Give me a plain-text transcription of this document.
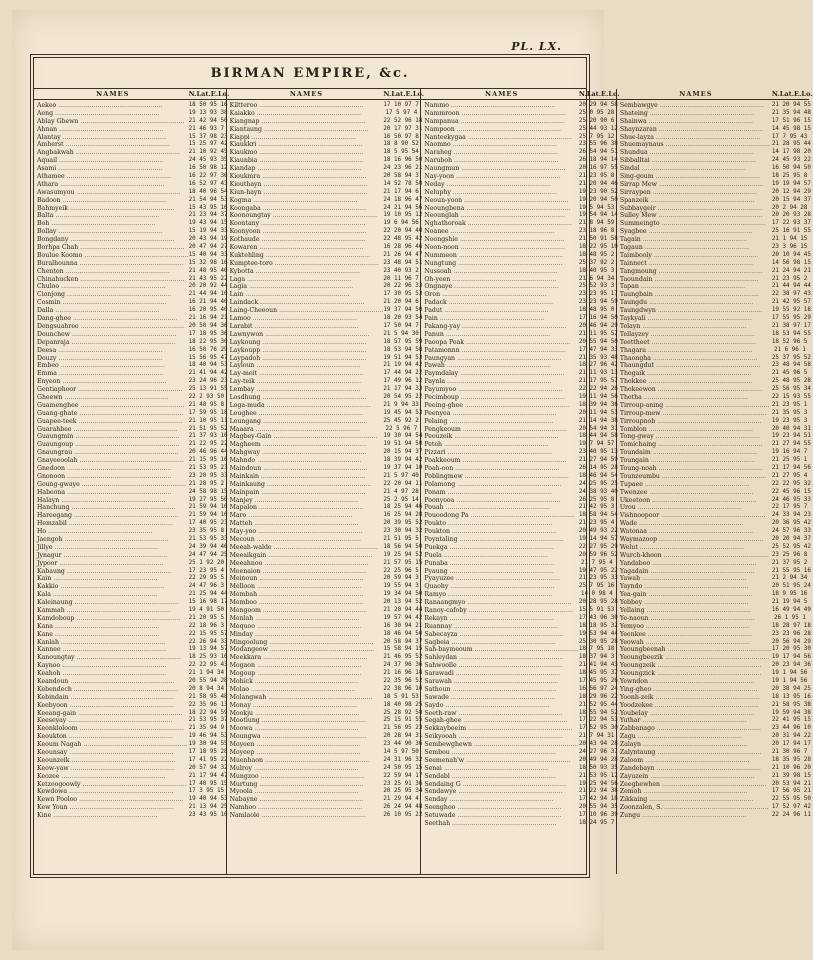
PL. LX.
BIRMAN EMPIRE, &c.
NAMES	N.Lat.E.Lo.
Aekeo .....	18 50 95 16
Aeng .....	19 13 93 38
Ablay Gbewn .....	21 42 94 50
Ahnan .....	21 46 93 7
Alantay .....	15 37 98 23
Amherst .....	15 25 97 42
Angbakwah .....	21 10 92 45
Aquail .....	24 45 93 35
Asami .....	16 50 98 12
Athamee .....	16 22 97 36
Athara .....	16 52 97 43
Awasumyou .....	18 40 96 54
Badoon .....	21 54 94 53
Bahmyeik .....	15 43 95 16
Balta .....	21 23 94 37
Boh .....	19 43 94 15
Bollay .....	15 19 94 33
Bongdany .....	20 43 94 19
Borhpa Chah .....	20 47 94 27
Boulue Koomo .....	15 40 94 33
Buralhounna .....	15 32 98 16
Chenton .....	21 48 95 40
Chinahucken .....	21 43 95 22
Chuloo .....	20 20 92 44
Cionjong .....	21 44 94 10
Cosmin .....	16 21 94 40
Dalla .....	16 20 95 40
Dang-ghee .....	21 16 94 21
Dengsuahree .....	20 50 94 36
Dounchew .....	17 18 95 36
Depanraja .....	18 22 95 30
Deesa .....	16 50 76 29
Douzy .....	15 56 95 47
Embeo .....	18 40 94 53
Emma .....	21 41 94 42
Enyeon .....	23 24 96 23
Gentiaphoor .....	25 13 91 55
Gheewn .....	22 2 93 50
Guamenghee .....	21 48 95 8
Guang-ghate .....	17 59 95 18
Guapee-teek .....	21 10 95 11
Guarahbee .....	21 51 95 52
Guaungmin .....	21 37 93 10
Guaungoup .....	21 22 95 22
Gnaungrau .....	20 46 96 44
Gnayeeoolah .....	21 15 95 16
Gnedoon .....	21 53 95 23
Gnonoon .....	23 20 95 33
Goung-gwaye .....	21 28 95 2
Habeona .....	24 58 98 15
Halayn .....	19 27 95 50
Hanchung .....	21 59 94 10
Hareegang .....	21 59 94 10
Hemzabil .....	17 40 95 23
Ho .....	23 35 95 8
Jaengoh .....	21 53 95 33
Jillye .....	24 39 94 46
Jynagur .....	24 47 94 25
Jypoor .....	25 1 92 20
Kabaung .....	17 23 95 4
Kain .....	22 29 95 5
Kakkio .....	24 47 96 3
Kala .....	21 25 94 44
Kaleinaung .....	15 16 98 17
Kammah .....	19 4 91 50
Kamdoboup .....	21 20 95 5
Kana .....	22 18 96 3
Kane .....	22 15 95 57
Kanlah .....	22 26 94 33
Kannee .....	19 13 94 57
Kanoungtay .....	18 25 93 16
Kaynoo .....	22 22 95 43
Keahoh .....	21 1 94 34
Keandoun .....	20 55 94 28
Kebendech .....	20 8 94 34
Kebindain .....	21 58 95 48
Keebyoon .....	22 35 96 13
Keeang-gain .....	18 22 94 59
Keeseyay .....	21 53 95 37
Keonkloloom .....	21 35 94 9
Keoukton .....	19 46 94 53
Keoum Nagah .....	19 30 94 55
Keounsay .....	17 18 95 28
Keounzeik .....	17 41 95 22
Keow-yaw .....	20 57 94 32
Keozee .....	21 17 94 47
Ketzoogoowly .....	17 40 95 15
Kewdowa .....	17 3 95 15
Kewn Pooloo .....	19 40 94 53
Kew Youn .....	21 13 94 25
Kine .....	23 43 95 10
NAMES	N.Lat.E.Lo.
Kiltteroo .....	17 10 97 7
Kaiakko .....	17 5 97 4
Kiangnap .....	22 52 96 18
Kiantaung .....	20 17 97 31
Kiappi .....	16 50 97 8
Kiaukkri .....	18 8 90 52
Kiaukmo .....	18 5 95 54
Kiaunbia .....	18 16 96 50
Kiandap .....	24 23 96 21
Kioukmra .....	20 58 94 3
Kiouthayn .....	14 52 78 50
Kiun-hayn .....	21 17 94 6
Kogma .....	24 18 96 47
Koongaba .....	24 21 94 56
Koonoungtay .....	19 10 95 12
Koontany .....	19 6 94 56
Koonyoon .....	22 20 94 40
Kothaude .....	22 48 95 42
Kowaren .....	16 28 96 46
Kuktehling .....	21 26 94 47
Kumptee-toro .....	23 48 94 51
Kybotta .....	23 40 93 2
Laga .....	20 11 96 7
Lagia .....	20 22 96 33
Lain .....	17 30 95 53
Laindack .....	21 20 94 6
Laing-Cheeoun .....	19 37 94 50
Lamoo .....	18 20 93 54
Larabit .....	17 50 94 7
Lawnywon .....	21 5 94 30
Laykoung .....	18 57 95 59
Laykoupp .....	18 53 94 58
Laypadoh .....	19 51 94 53
Layloun .....	21 19 94 42
Lay-meit .....	17 44 94 22
Lay-teik .....	17 49 96 12
Lembay .....	21 17 94 33
Losdhung .....	20 54 95 22
Loga-muda .....	21 9 94 33
Loughee .....	19 45 94 53
Loungang .....	25 45 92 2
Maaara .....	22 5 96 7
Magbey-Gain .....	19 30 94 54
Magheem .....	19 51 94 50
Mahgway .....	20 15 94 37
Mahndo .....	18 39 94 42
Maindoun .....	19 37 94 10
Mainkain .....	21 5 97 40
Mainkaung .....	22 20 94 11
Mainpain .....	21 4 97 28
Manjey .....	25 2 95 14
Mapalon .....	18 25 94 46
Maro .....	16 25 94 28
Matteh .....	20 39 95 52
May-yoo .....	23 30 94 32
Mecoun .....	21 51 95 5
Meeah-walde .....	18 56 94 50
Meeaikgain .....	19 25 94 52
Meeahnoo .....	21 57 95 15
Meenaion .....	22 25 96 5
Meinoun .....	20 59 94 3
Melloon .....	19 55 94 3
Membah .....	19 34 94 50
Memboo .....	20 13 94 52
Mengoom .....	21 20 94 44
Menlah .....	19 57 94 42
Mequoo .....	16 30 94 21
Minday .....	18 46 94 50
Mingoolung .....	20 58 94 37
Modangeow .....	15 58 94 15
Meekkara .....	21 46 95 52
Mogaon .....	24 37 96 36
Mogoup .....	21 16 96 18
Mohick .....	22 35 96 52
Molao .....	22 38 96 10
Molangwah .....	18 5 91 53
Monay .....	18 40 98 25
Mookju .....	25 28 92 58
Mootiung .....	25 15 91 55
Moowa .....	21 56 95 23
Moungwa .....	20 28 94 31
Moyeen .....	23 44 90 36
Moyeep .....	14 5 97 50
Muenhaon .....	24 31 96 32
Mulroy .....	24 50 95 15
Mungzoo .....	22 59 94 17
Murtung .....	23 25 91 36
Myoola .....	20 25 95 34
Nabayne .....	21 29 94 4
Namhoo .....	26 24 94 48
Namlaole .....	26 10 95 22
NAMES	N.Lat.E.Lo.
Nammo .....	20 29 94 58
Nammroon .....	25 0 95 28
Nampanua .....	25 20 90 6
Nampoon .....	25 44 93 12
Nanteekygaa .....	25 7 95 12
Naomno .....	23 55 96 38
Naraheg .....	26 54 94 51
Naruboh .....	26 18 94 14
Naungmun .....	20 16 97 55
Nay-yoon .....	21 23 95 8
Neday .....	21 20 94 46
Neluphy .....	19 23 90 52
Neoun-yoon .....	19 20 94 50
Neoungbena .....	19 5 94 53
Neounglah .....	19 54 94 14
Nghathoroak .....	21 8 94 59
Noanee .....	23 18 96 8
Noongshie .....	21 50 91 58
Noon-noon .....	18 22 95 10
Nummeon .....	18 48 95 2
Nungtung .....	25 37 92 2
Nussoah .....	18 40 95 3
Oh-yeen .....	21 6 94 34
Ongnaye .....	25 52 93 3
Oron .....	23 23 95 17
Padack .....	23 23 94 59
Padut .....	18 48 95 0
Pain .....	17 16 94 50
Pakang-yay .....	20 46 94 29
Panun .....	21 11 95 57
Paoopa Peak .....	20 55 94 50
Patamonnn .....	17 47 94 33
Paungyan .....	21 35 93 48
Pawah .....	18 27 96 42
Paymdalay .....	21 11 93 13
Paynla .....	21 17 95 57
Payumyoo .....	22 22 94 26
Pecimboup .....	19 11 94 56
Peeing-ghee .....	18 39 94 36
Peenyea .....	20 11 94 53
Pelaing .....	21 14 94 38
Pengkeoum .....	20 54 94 31
Peouzeik .....	18 44 94 58
Peteh .....	19 7 94 57
Pizzari .....	23 40 95 13
Poakkeoum .....	21 27 94 59
Poah-oon .....	26 14 95 28
Poblingmew .....	18 46 94 54
Polamong .....	24 25 95 25
Ponam .....	24 38 93 40
Poonyooa .....	26 25 95 8
Pouah .....	21 42 95 3
Pouoodong Pa .....	18 58 94 54
Poukto .....	21 23 95 4
Poukton .....	20 49 93 22
Poyntaling .....	19 14 94 57
Puekga .....	22 27 95 29
Puela .....	20 59 96 52
Punaba .....	21 7 95 4
Pyaung .....	19 47 95 22
Pyayuzee .....	21 23 95 33
Quaohy .....	25 7 95 16
Ramyo .....	14 0 98 4
Ranaangmyo .....	20 28 95 28
Ranoy-cafoby .....	15 5 91 53
Rekayn .....	17 43 96 30
Ruannay .....	18 18 95 32
Sabecayza .....	19 53 94 44
Sagbeia .....	25 30 95 28
Sah-baymeoum .....	18 7 95 18
Sahleydan .....	18 37 94 3
Sahwoolle .....	21 41 94 43
Sarawadi .....	18 45 95 37
Sarawah .....	17 45 95 26
Sathoun .....	16 56 97 24
Sawade .....	18 29 96 22
Saydo .....	21 52 95 44
Seeth-raw .....	18 55 94 52
Segah-ghee .....	17 22 94 53
Sekkaybeeim .....	17 52 95 30
Seikyooah .....	21 7 94 31
Sembewghewn .....	20 43 94 28
Sembou .....	24 27 96 37
Seemenah'w .....	20 49 94 28
Senai .....	18 50 93 35
Sendabl .....	21 53 95 12
Sendaing G .....	19 25 94 56
Sendawye .....	21 22 94 38
Senday .....	17 42 94 18
Seenghoo .....	20 55 94 35
Setuwade .....	17 10 96 39
Seethah .....	18 24 95 7
NAMES	N.Lat.E.Lo.
Sembawgye .....	21 20 94 55
Shateing .....	21 35 94 48
Shainwa .....	17 51 96 15
Shaynzaran .....	14 45 98 15
Shue-layza .....	17 7 95 43
Shuemaynaus .....	21 28 95 44
Shundua .....	14 17 98 20
Sibballtai .....	24 45 93 22
Sindal .....	16 50 94 50
Sing-goum .....	18 25 95 8
Sirrap Mew .....	19 19 94 57
Sirraypen .....	20 12 94 29
Spanzeik .....	20 15 94 37
Subbaygeir .....	20 2 94 28
Sulley Mew .....	20 20 93 28
Summeingto .....	17 22 93 37
Syagbee .....	25 16 91 55
Tagain .....	21 1 94 15
Tagaun .....	23 3 96 15
Taimbooly .....	20 10 94 45
Tainnect .....	14 56 98 15
Tangmoung .....	21 24 94 21
Taoundain .....	21 23 95 2
Tapan .....	21 44 94 44
Taungbain .....	22 38 97 43
Taungdu .....	21 42 95 57
Taungdwyn .....	19 55 92 18
Taykyali .....	17 55 95 29
Telayn .....	21 38 97 17
Tellayzey .....	18 53 94 55
Teettheet .....	18 52 96 5
Thagara .....	21 6 96 1
Thaongha .....	25 37 95 52
Thaungdut .....	23 48 94 58
Thegaik .....	21 45 96 5
Thekkee .....	25 48 95 28
Thekeewon .....	25 56 95 34
Thetha .....	22 15 93 55
Tirroup-aning .....	21 23 95 1
Tirroup-mew .....	21 35 95 3
Tirroupnoh .....	19 23 95 3
Tomblon .....	20 40 94 31
Tong-gway .....	19 23 94 51
Tomichaing .....	21 27 94 55
Toundaim .....	19 16 94 7
Toungain .....	21 25 95 1
Toung-noah .....	21 17 94 56
Tounzeumbu .....	21 27 95 4
Tupaee .....	22 22 95 32
Twenzee .....	22 45 96 15
Ukeetoon .....	24 46 95 33
Urou .....	22 17 95 7
Vishnoopoor .....	24 33 94 23
Wade .....	20 36 95 42
Watonaa .....	24 57 96 33
Waymazoop .....	20 20 94 37
Welut .....	25 52 95 42
Wurch-khoon .....	23 25 96 8
Yandaboo .....	21 37 95 2
Yagadain .....	21 55 95 16
Yawah .....	21 2 94 34
Yayndo .....	20 51 95 24
Yea-gain .....	18 9 95 16
Yebbey .....	21 19 94 5
Yellaing .....	16 49 94 49
Ye-naoun .....	26 1 95 1
Yemyoo .....	18 28 97 18
Yeenkee .....	23 23 96 28
Yeowah .....	20 56 94 29
Yeoungbeenah .....	17 20 95 30
Yeoungbeezik .....	19 17 94 56
Yeoungzeik .....	20 23 94 36
Yeoungzick .....	19 1 94 56
Yewndon .....	19 1 94 56
Ying-gheo .....	20 38 94 25
Yoonh-zeik .....	18 13 95 16
Yoodzekee .....	21 58 95 38
Youbelay .....	19 59 94 38
Yuthar .....	22 41 95 15
Zabbanago .....	23 44 96 10
Zagu .....	20 31 94 22
Zalayn .....	20 17 94 17
Zalyntaung .....	21 30 96 7
Zaloom .....	18 35 95 28
Zandebayn .....	21 10 96 20
Zayuzein .....	21 39 98 15
Zeeghewhen .....	20 53 94 21
Zemoh .....	17 56 95 21
Zikkaing .....	22 55 95 50
Zoonzalen, S. .....	17 52 97 42
Zungu .....	22 24 96 11
